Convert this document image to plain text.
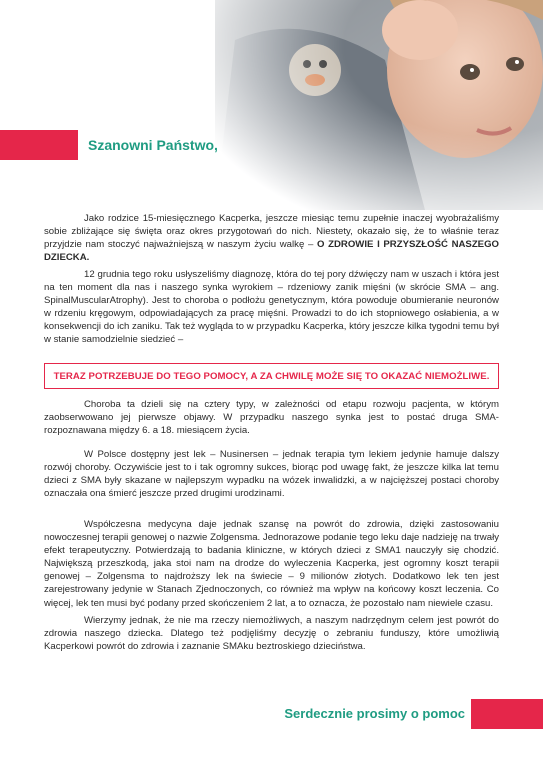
Szanowni Państwo,

Jako rodzice 15-miesięcznego Kacperka, jeszcze miesiąc temu zupełnie inaczej wyobrażaliśmy sobie zbliżające się święta oraz okres przygotowań do nich. Niestety, okazało się, że to właśnie teraz przyjdzie nam stoczyć najważniejszą w naszym życiu walkę – O ZDROWIE I PRZYSZŁOŚĆ NASZEGO DZIECKA.

12 grudnia tego roku usłyszeliśmy diagnozę, która do tej pory dźwięczy nam w uszach i która jest na ten moment dla nas i naszego synka wyrokiem – rdzeniowy zanik mięśni (w skrócie SMA – ang. SpinalMuscularAtrophy). Jest to choroba o podłożu genetycznym, która powoduje obumieranie neuronów w rdzeniu kręgowym, odpowiadających za pracę mięśni. Prowadzi to do ich stopniowego osłabienia, a w konsekwencji do ich zaniku. Tak też wygląda to w przypadku Kacperka, który jeszcze kilka tygodni temu był w stanie samodzielnie siedzieć –

TERAZ POTRZEBUJE DO TEGO POMOCY, A ZA CHWILĘ MOŻE SIĘ TO OKAZAĆ NIEMOŻLIWE.

Choroba ta dzieli się na cztery typy, w zależności od etapu rozwoju pacjenta, w którym zaobserwowano jej pierwsze objawy. W przypadku naszego synka jest to postać druga SMA- rozpoznawana między 6. a 18. miesiącem życia.

W Polsce dostępny jest lek – Nusinersen – jednak terapia tym lekiem jedynie hamuje dalszy rozwój choroby. Oczywiście jest to i tak ogromny sukces, biorąc pod uwagę fakt, że jeszcze kilka lat temu dzieci z SMA były skazane w najlepszym wypadku na wózek inwalidzki, a w najcięższej postaci choroby oznaczała ona śmierć jeszcze przed drugimi urodzinami.

Współczesna medycyna daje jednak szansę na powrót do zdrowia, dzięki zastosowaniu nowoczesnej terapii genowej o nazwie Zolgensma. Jednorazowe podanie tego leku daje nadzieję na trwały efekt terapeutyczny. Potwierdzają to badania kliniczne, w których dzieci z SMA1 nauczyły się chodzić. Największą przeszkodą, jaka stoi nam na drodze do wyleczenia Kacperka, jest ogromny koszt terapii genowej – Zolgensma to najdroższy lek na świecie – 9 milionów złotych. Dodatkowo lek ten jest zarejestrowany jedynie w Stanach Zjednoczonych, co również ma wpływ na końcowy koszt leczenia. Co więcej, lek ten musi być podany przed skończeniem 2 lat, a to oznacza, że pozostało nam niewiele czasu.

Wierzymy jednak, że nie ma rzeczy niemożliwych, a naszym nadrzędnym celem jest powrót do zdrowia naszego dziecka. Dlatego też podjęliśmy decyzję o zebraniu funduszy, które umożliwią Kacperkowi powrót do zdrowia i zaznanie SMAku beztroskiego dzieciństwa.

Serdecznie prosimy o pomoc
